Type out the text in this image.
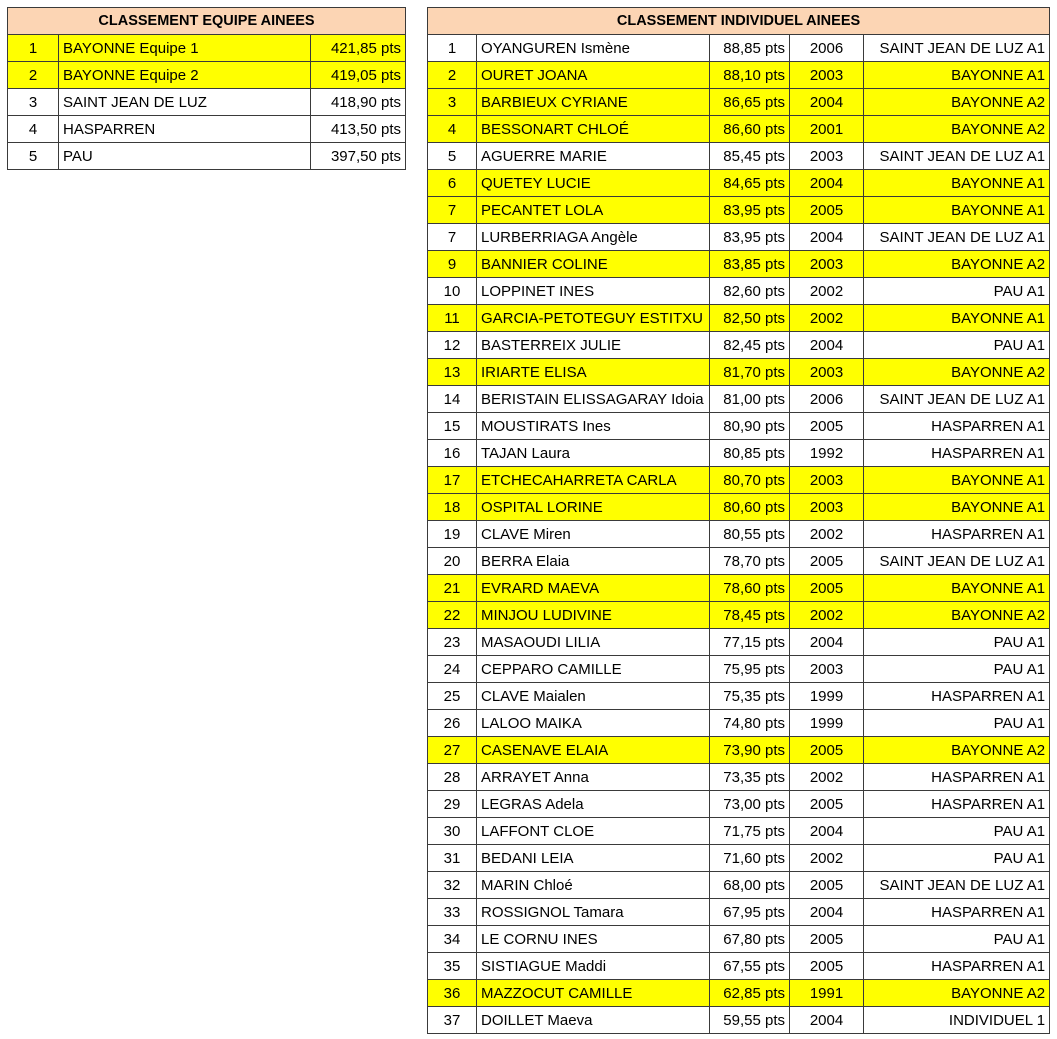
CLASSEMENT EQUIPE AINEES		
1	BAYONNE Equipe 1	421,85 pts
2	BAYONNE Equipe 2	419,05 pts
3	SAINT JEAN DE LUZ	418,90 pts
4	HASPARREN	413,50 pts
5	PAU	397,50 pts
CLASSEMENT INDIVIDUEL AINEES				
1	OYANGUREN Ismène	88,85 pts	2006	SAINT JEAN DE LUZ A1
2	OURET JOANA	88,10 pts	2003	BAYONNE A1
3	BARBIEUX CYRIANE	86,65 pts	2004	BAYONNE A2
4	BESSONART CHLOÉ	86,60 pts	2001	BAYONNE A2
5	AGUERRE MARIE	85,45 pts	2003	SAINT JEAN DE LUZ A1
6	QUETEY LUCIE	84,65 pts	2004	BAYONNE A1
7	PECANTET LOLA	83,95 pts	2005	BAYONNE A1
7	LURBERRIAGA Angèle	83,95 pts	2004	SAINT JEAN DE LUZ A1
9	BANNIER COLINE	83,85 pts	2003	BAYONNE A2
10	LOPPINET INES	82,60 pts	2002	PAU A1
11	GARCIA-PETOTEGUY ESTITXU	82,50 pts	2002	BAYONNE A1
12	BASTERREIX JULIE	82,45 pts	2004	PAU A1
13	IRIARTE ELISA	81,70 pts	2003	BAYONNE A2
14	BERISTAIN ELISSAGARAY Idoia	81,00 pts	2006	SAINT JEAN DE LUZ A1
15	MOUSTIRATS Ines	80,90 pts	2005	HASPARREN A1
16	TAJAN Laura	80,85 pts	1992	HASPARREN A1
17	ETCHECAHARRETA CARLA	80,70 pts	2003	BAYONNE A1
18	OSPITAL LORINE	80,60 pts	2003	BAYONNE A1
19	CLAVE Miren	80,55 pts	2002	HASPARREN A1
20	BERRA Elaia	78,70 pts	2005	SAINT JEAN DE LUZ A1
21	EVRARD MAEVA	78,60 pts	2005	BAYONNE A1
22	MINJOU LUDIVINE	78,45 pts	2002	BAYONNE A2
23	MASAOUDI LILIA	77,15 pts	2004	PAU A1
24	CEPPARO CAMILLE	75,95 pts	2003	PAU A1
25	CLAVE Maialen	75,35 pts	1999	HASPARREN A1
26	LALOO MAIKA	74,80 pts	1999	PAU A1
27	CASENAVE ELAIA	73,90 pts	2005	BAYONNE A2
28	ARRAYET Anna	73,35 pts	2002	HASPARREN A1
29	LEGRAS Adela	73,00 pts	2005	HASPARREN A1
30	LAFFONT CLOE	71,75 pts	2004	PAU A1
31	BEDANI LEIA	71,60 pts	2002	PAU A1
32	MARIN Chloé	68,00 pts	2005	SAINT JEAN DE LUZ A1
33	ROSSIGNOL Tamara	67,95 pts	2004	HASPARREN A1
34	LE CORNU INES	67,80 pts	2005	PAU A1
35	SISTIAGUE Maddi	67,55 pts	2005	HASPARREN A1
36	MAZZOCUT CAMILLE	62,85 pts	1991	BAYONNE A2
37	DOILLET Maeva	59,55 pts	2004	INDIVIDUEL 1
